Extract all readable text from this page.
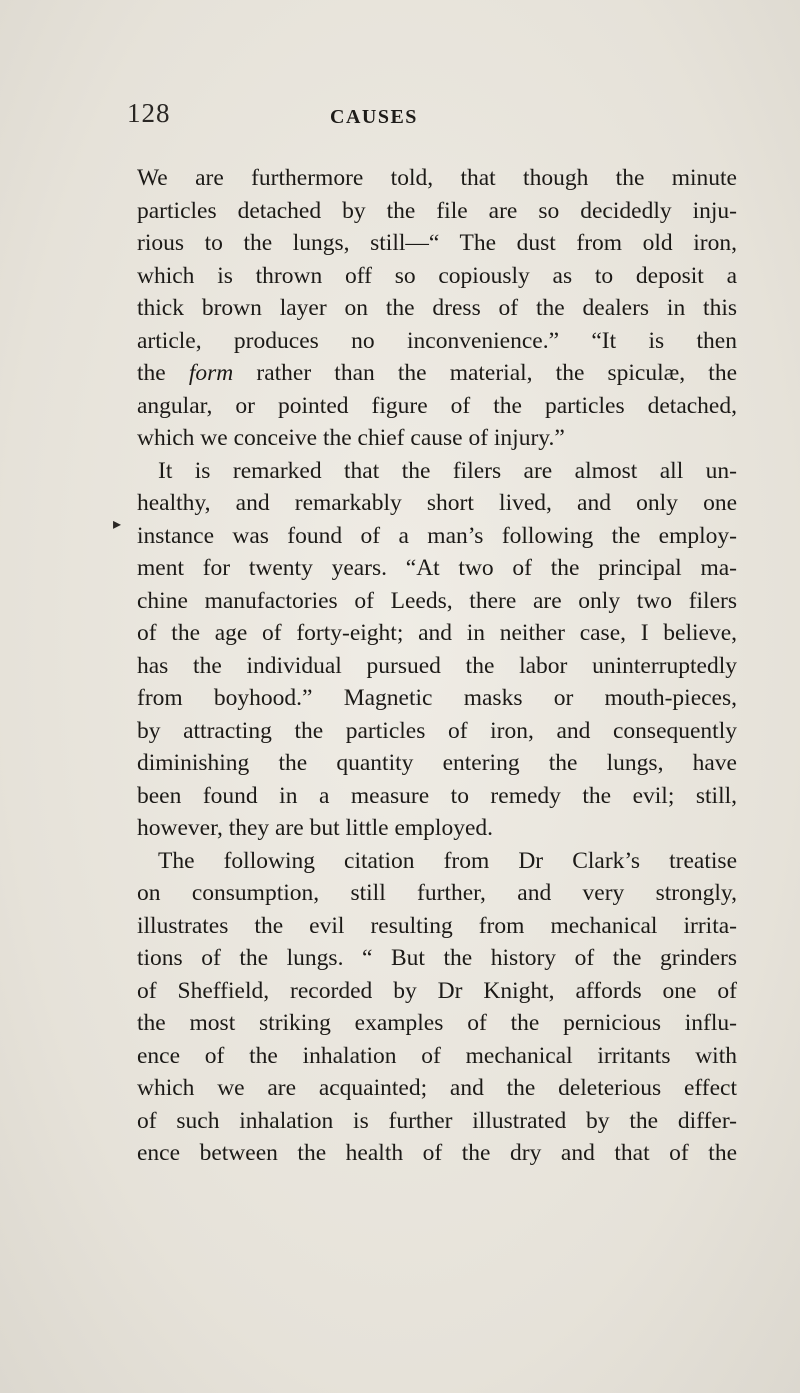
128	CAUSES
▸
We are furthermore told, that though the minute
particles detached by the file are so decidedly inju-
rious to the lungs, still—“ The dust from old iron,
which is thrown off so copiously as to deposit a
thick brown layer on the dress of the dealers in this
article, produces no inconvenience.” “It is then
the form rather than the material, the spiculæ, the
angular, or pointed figure of the particles detached,
which we conceive the chief cause of injury.”
It is remarked that the filers are almost all un-
healthy, and remarkably short lived, and only one
instance was found of a man’s following the employ-
ment for twenty years. “At two of the principal ma-
chine manufactories of Leeds, there are only two filers
of the age of forty-eight; and in neither case, I believe,
has the individual pursued the labor uninterruptedly
from boyhood.” Magnetic masks or mouth-pieces,
by attracting the particles of iron, and consequently
diminishing the quantity entering the lungs, have
been found in a measure to remedy the evil; still,
however, they are but little employed.
The following citation from Dr Clark’s treatise
on consumption, still further, and very strongly,
illustrates the evil resulting from mechanical irrita-
tions of the lungs. “ But the history of the grinders
of Sheffield, recorded by Dr Knight, affords one of
the most striking examples of the pernicious influ-
ence of the inhalation of mechanical irritants with
which we are acquainted; and the deleterious effect
of such inhalation is further illustrated by the differ-
ence between the health of the dry and that of the
